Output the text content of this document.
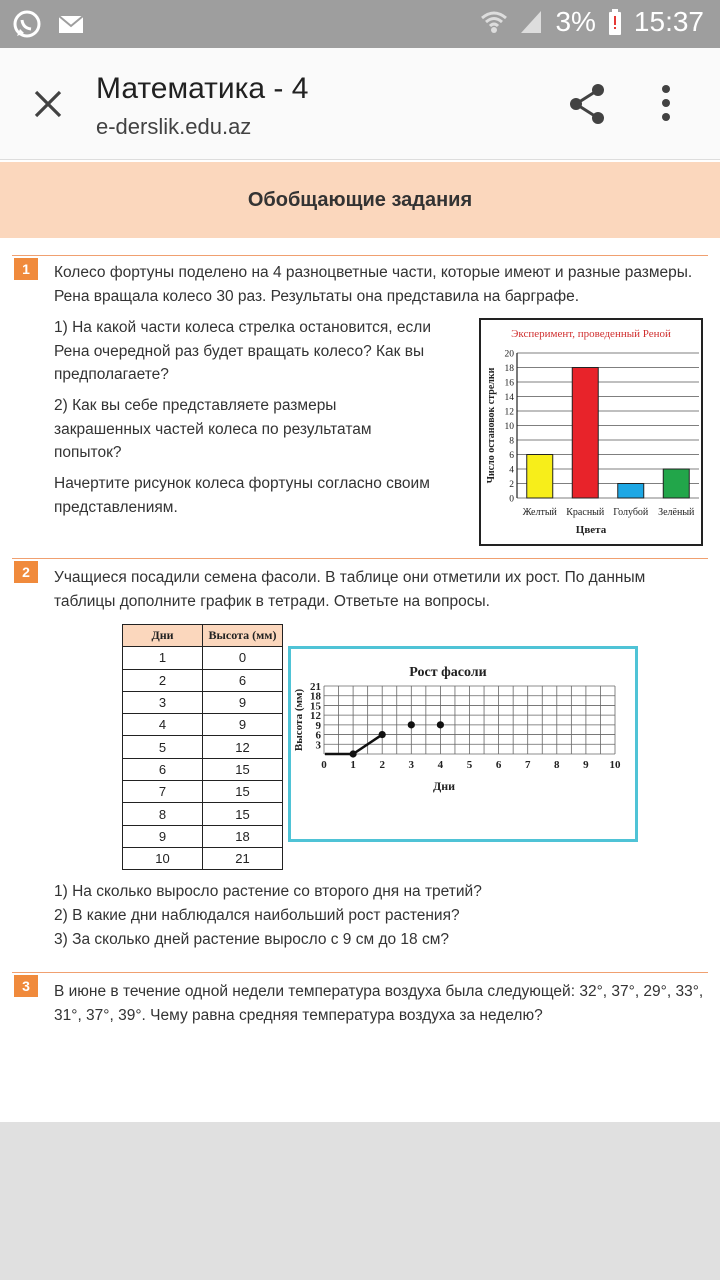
3% 15:37
Математика - 4
e-derslik.edu.az
Обобщающие задания
1	Колесо фортуны поделено на 4 разноцветные части, которые имеют и разные размеры. Рена вращала колесо 30 раз. Результаты она представила на барграфе.
1) На какой части колеса стрелка остановится, если Рена очередной раз будет вращать колесо? Как вы предполагаете?
2) Как вы себе представляете размеры закрашенных частей колеса по результатам попыток?
Начертите рисунок колеса фортуны согласно своим представлениям.
Эксперимент, проведенный Реной
0
2
4
6
8
10
12
14
16
18
20
Число остановок стрелки
Желтый Красный Голубой Зелёный
Цвета
2	Учащиеся посадили семена фасоли. В таблице они отметили их рост. По данным таблицы дополните график в тетради. Ответьте на вопросы.
Дни	Высота (мм)
1	0
2	6
3	9
4	9
5	12
6	15
7	15
8	15
9	18
10	21
Рост фасоли
3
6
9
12
15
18
21
0 1 2 3 4 5 6 7 8 9 10
Высота (мм)
Дни
1) На сколько выросло растение со второго дня на третий?
2) В какие дни наблюдался наибольший рост растения?
3) За сколько дней растение выросло с 9 см до 18 см?
3	В июне в течение одной недели температура воздуха была следующей: 32°, 37°, 29°, 33°, 31°, 37°, 39°. Чему равна средняя температура воздуха за неделю?
